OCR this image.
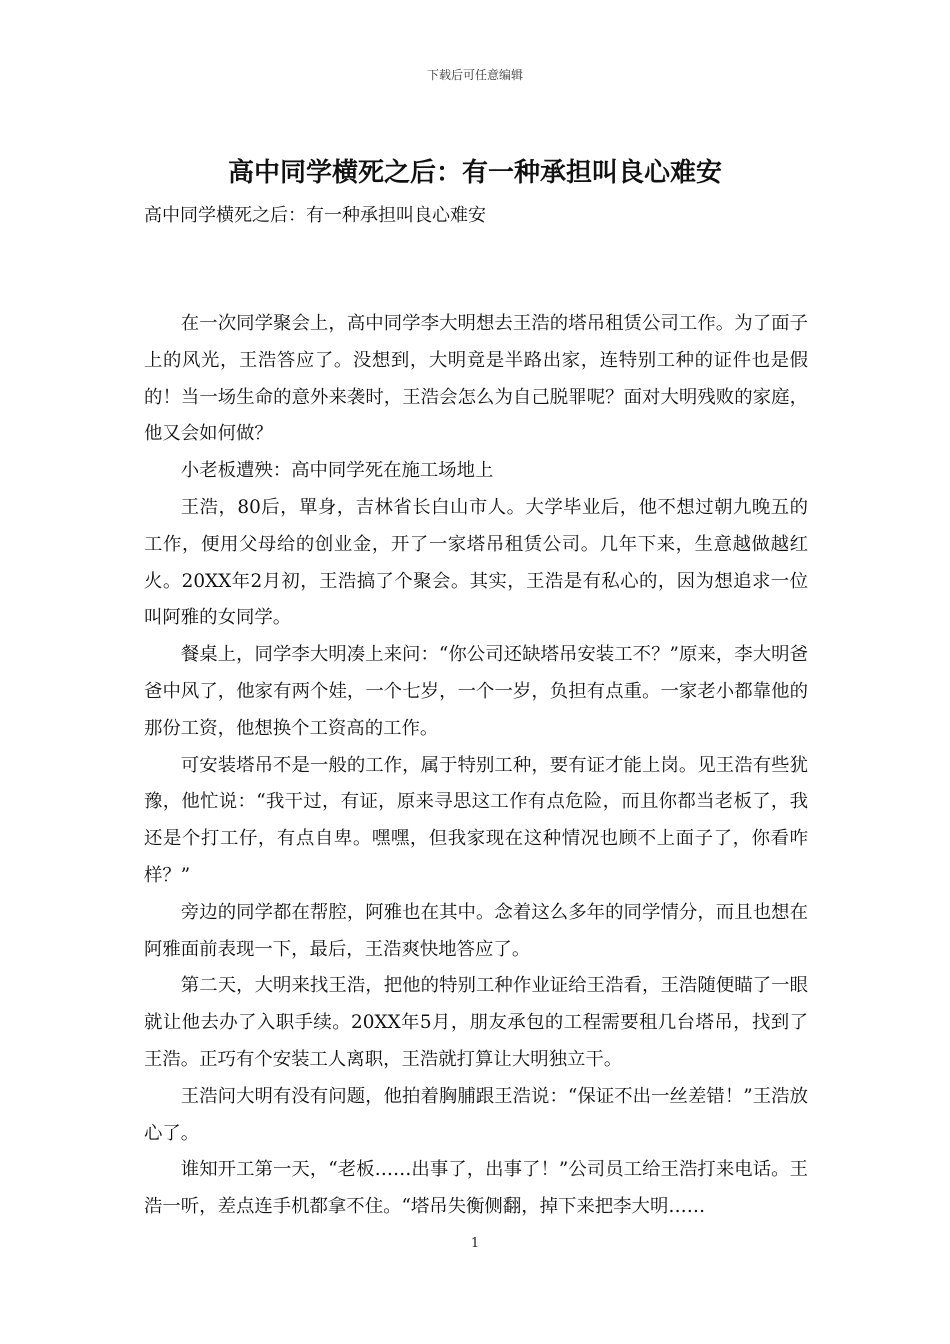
下载后可任意编辑
高中同学横死之后：有一种承担叫良心难安

高中同学横死之后：有一种承担叫良心难安

在一次同学聚会上，高中同学李大明想去王浩的塔吊租赁公司工作。为了面子上的风光，王浩答应了。没想到，大明竟是半路出家，连特别工种的证件也是假的！当一场生命的意外来袭时，王浩会怎么为自己脱罪呢？面对大明残败的家庭，他又会如何做？

小老板遭殃：高中同学死在施工场地上

王浩，80后，單身，吉林省长白山市人。大学毕业后，他不想过朝九晚五的工作，便用父母给的创业金，开了一家塔吊租赁公司。几年下来，生意越做越红火。20XX年2月初，王浩搞了个聚会。其实，王浩是有私心的，因为想追求一位叫阿雅的女同学。

餐桌上，同学李大明凑上来问：“你公司还缺塔吊安装工不？”原来，李大明爸爸中风了，他家有两个娃，一个七岁，一个一岁，负担有点重。一家老小都靠他的那份工资，他想换个工资高的工作。

可安装塔吊不是一般的工作，属于特别工种，要有证才能上岗。见王浩有些犹豫，他忙说：“我干过，有证，原来寻思这工作有点危险，而且你都当老板了，我还是个打工仔，有点自卑。嘿嘿，但我家现在这种情况也顾不上面子了，你看咋样？”

旁边的同学都在帮腔，阿雅也在其中。念着这么多年的同学情分，而且也想在阿雅面前表现一下，最后，王浩爽快地答应了。

第二天，大明来找王浩，把他的特别工种作业证给王浩看，王浩随便瞄了一眼就让他去办了入职手续。20XX年5月，朋友承包的工程需要租几台塔吊，找到了王浩。正巧有个安装工人离职，王浩就打算让大明独立干。

王浩问大明有没有问题，他拍着胸脯跟王浩说：“保证不出一丝差错！”王浩放心了。

谁知开工第一天，“老板……出事了，出事了！”公司员工给王浩打来电话。王浩一听，差点连手机都拿不住。“塔吊失衡侧翻，掉下来把李大明……

1
